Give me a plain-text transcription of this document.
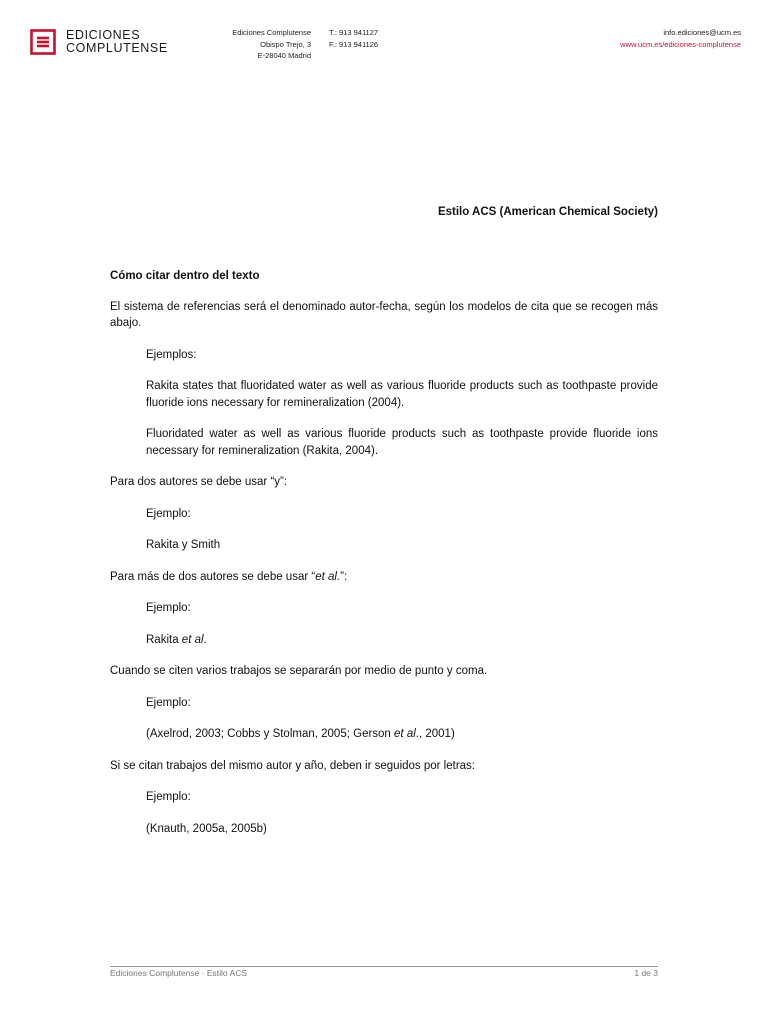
EDICIONES
COMPLUTENSE
Ediciones Complutense
Obispo Trejo, 3
E-28040 Madrid
T.: 913 941127
F.: 913 941126
info.ediciones@ucm.es
www.ucm.es/ediciones-complutense
Estilo ACS (American Chemical Society)

Cómo citar dentro del texto

El sistema de referencias será el denominado autor-fecha, según los modelos de cita que se recogen más abajo.

Ejemplos:

Rakita states that fluoridated water as well as various fluoride products such as toothpaste provide fluoride ions necessary for remineralization (2004).

Fluoridated water as well as various fluoride products such as toothpaste provide fluoride ions necessary for remineralization (Rakita, 2004).

Para dos autores se debe usar “y”:

Ejemplo:

Rakita y Smith

Para más de dos autores se debe usar “et al.”:

Ejemplo:

Rakita et al.

Cuando se citen varios trabajos se separarán por medio de punto y coma.

Ejemplo:

(Axelrod, 2003; Cobbs y Stolman, 2005; Gerson et al., 2001)

Si se citan trabajos del mismo autor y año, deben ir seguidos por letras:

Ejemplo:

(Knauth, 2005a, 2005b)

Ediciones Complutense · Estilo ACS	1 de 3
